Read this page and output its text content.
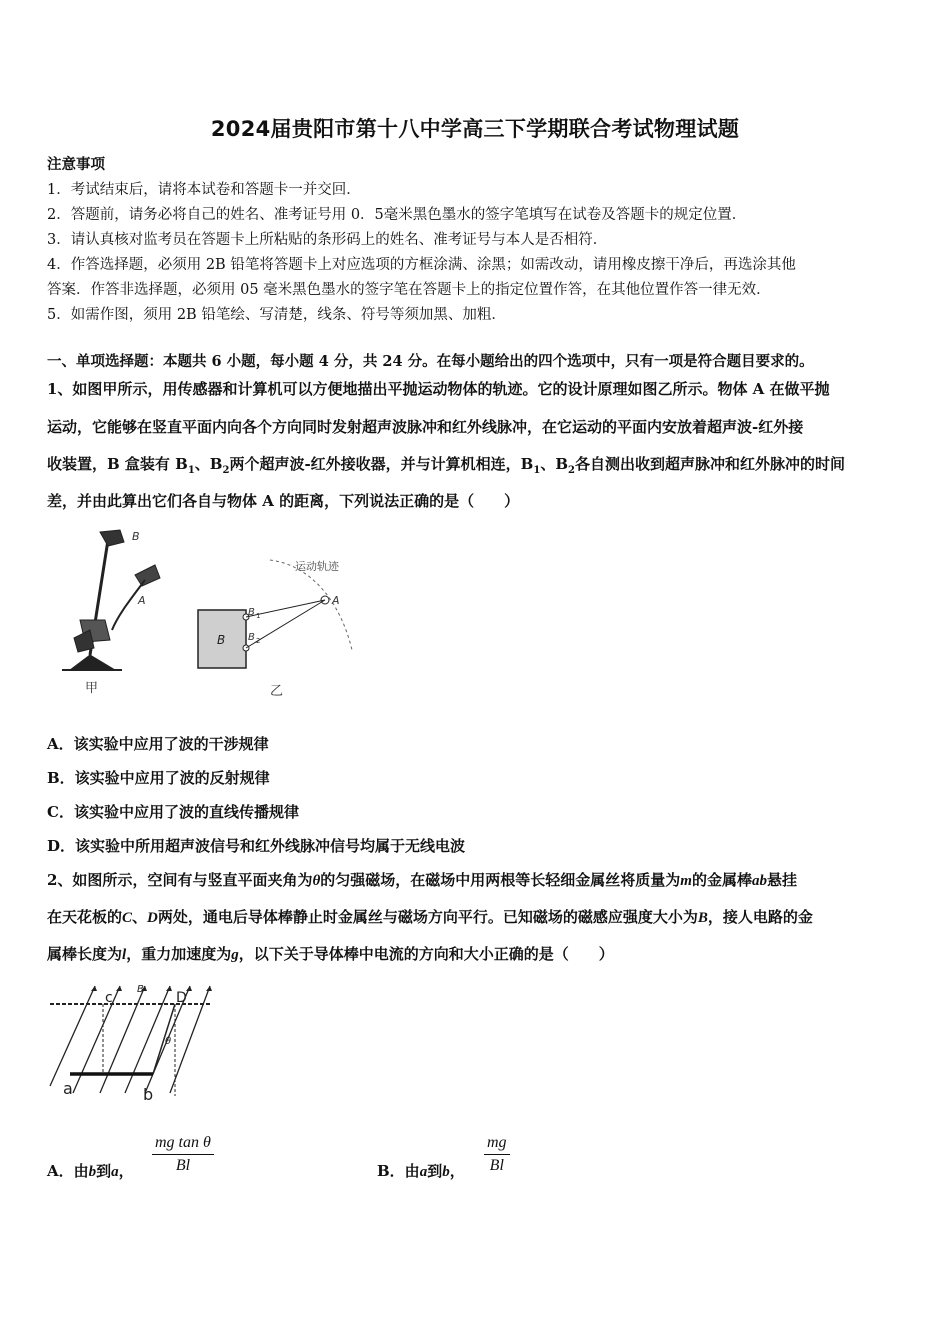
2024届贵阳市第十八中学高三下学期联合考试物理试题
注意事项
1．考试结束后，请将本试卷和答题卡一并交回．
2．答题前，请务必将自己的姓名、准考证号用 0．5毫米黑色墨水的签字笔填写在试卷及答题卡的规定位置．
3．请认真核对监考员在答题卡上所粘贴的条形码上的姓名、准考证号与本人是否相符．
4．作答选择题，必须用 2B 铅笔将答题卡上对应选项的方框涂满、涂黑；如需改动，请用橡皮擦干净后，再选涂其他
答案．作答非选择题，必须用 05 毫米黑色墨水的签字笔在答题卡上的指定位置作答，在其他位置作答一律无效．
5．如需作图，须用 2B 铅笔绘、写清楚，线条、符号等须加黑、加粗．
一、单项选择题：本题共 6 小题，每小题 4 分，共 24 分。在每小题给出的四个选项中，只有一项是符合题目要求的。
1、如图甲所示，用传感器和计算机可以方便地描出平抛运动物体的轨迹。它的设计原理如图乙所示。物体 A 在做平抛
运动，它能够在竖直平面内向各个方向同时发射超声波脉冲和红外线脉冲，在它运动的平面内安放着超声波-红外接
收装置，B 盒装有 $B_1$、$B_2$两个超声波-红外接收器，并与计算机相连，$B_1$、$B_2$各自测出收到超声脉冲和红外脉冲的时间
差，并由此算出它们各自与物体 A 的距离，下列说法正确的是（　　）
B
A
甲
运动轨迹
A
B
B 1
B 2
乙
A．该实验中应用了波的干涉规律
B．该实验中应用了波的反射规律
C．该实验中应用了波的直线传播规律
D．该实验中所用超声波信号和红外线脉冲信号均属于无线电波
2、如图所示，空间有与竖直平面夹角为θ的匀强磁场，在磁场中用两根等长轻细金属丝将质量为m的金属棒ab悬挂
在天花板的C、D两处，通电后导体棒静止时金属丝与磁场方向平行。已知磁场的磁感应强度大小为B，接人电路的金
属棒长度为l，重力加速度为g，以下关于导体棒中电流的方向和大小正确的是（　　）
c
B
D
θ
a	b
A．由b到a， $\frac{\text{mg tan θ}}{Bl}$	B．由a到b， $\frac{mg}{Bl}$
